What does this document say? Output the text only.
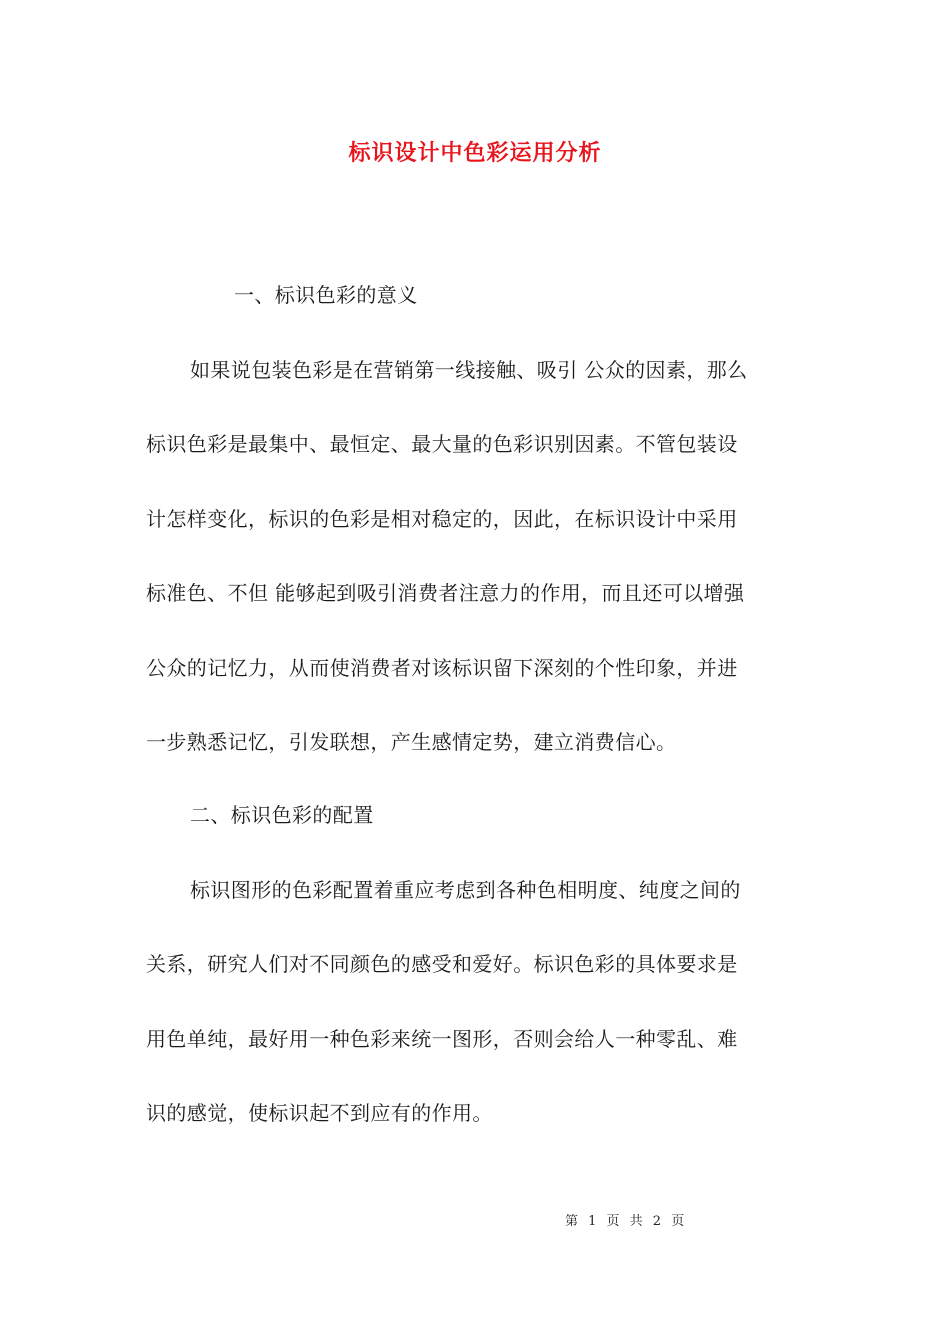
标识设计中色彩运用分析
一、标识色彩的意义
如果说包装色彩是在营销第一线接触、吸引 公众的因素，那么
标识色彩是最集中、最恒定、最大量的色彩识别因素。不管包装设
计怎样变化，标识的色彩是相对稳定的，因此，在标识设计中采用
标准色、不但 能够起到吸引消费者注意力的作用，而且还可以增强
公众的记忆力，从而使消费者对该标识留下深刻的个性印象，并进
一步熟悉记忆，引发联想，产生感情定势，建立消费信心。
二、标识色彩的配置
标识图形的色彩配置着重应考虑到各种色相明度、纯度之间的
关系，研究人们对不同颜色的感受和爱好。标识色彩的具体要求是
用色单纯，最好用一种色彩来统一图形，否则会给人一种零乱、难
识的感觉，使标识起不到应有的作用。
第 1 页 共 2 页
